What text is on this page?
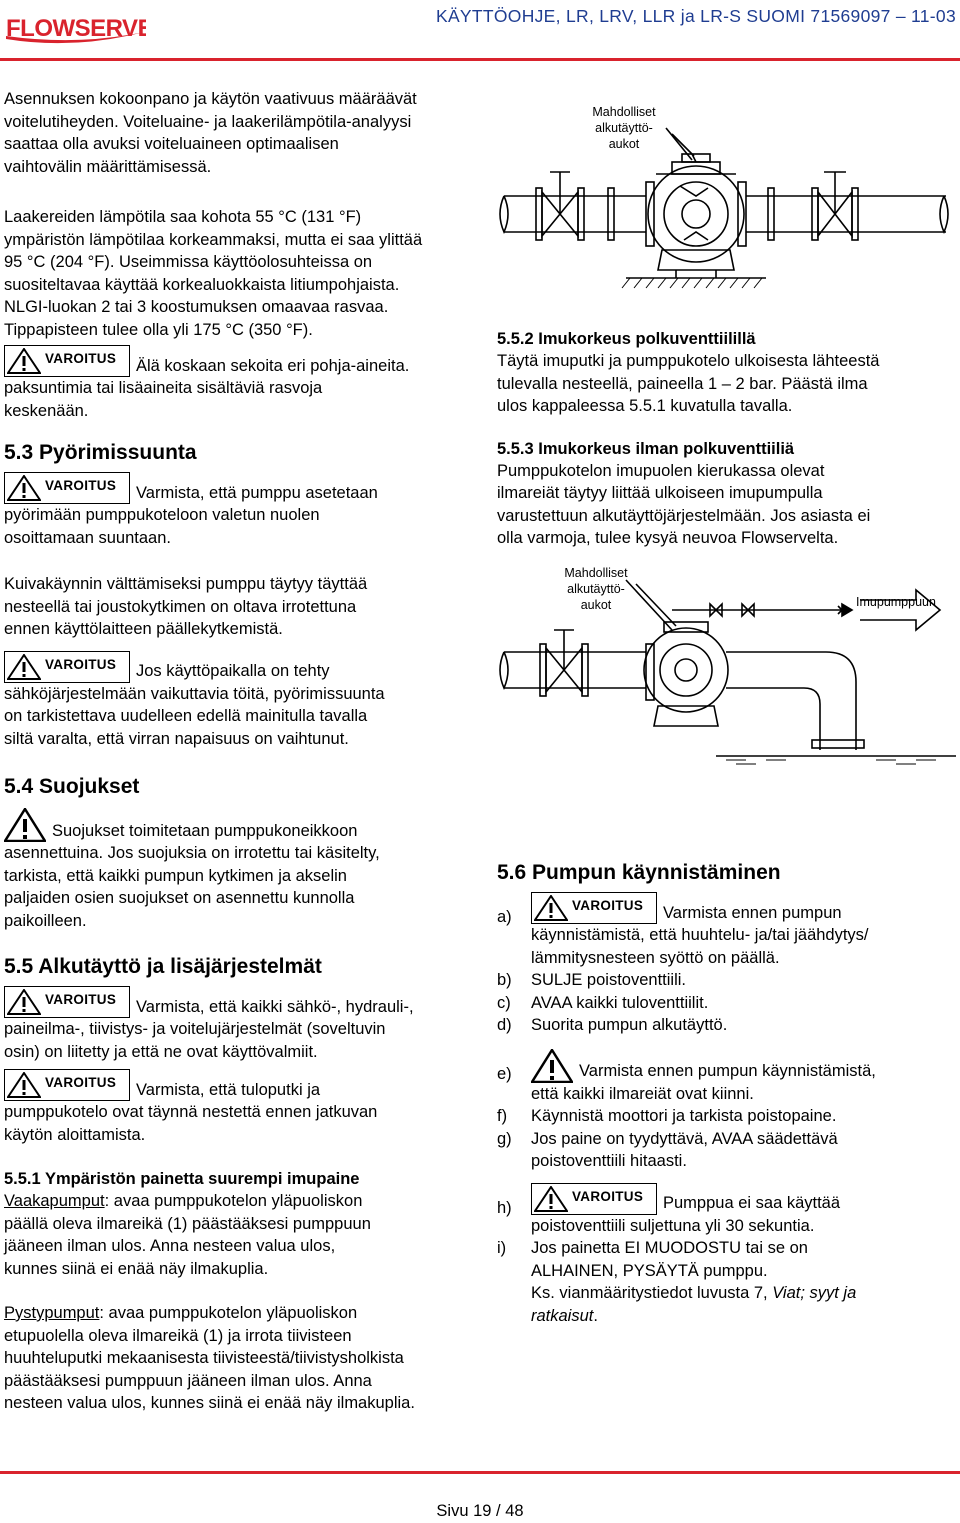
FLOWSERVE	KÄYTTÖOHJE, LR, LRV, LLR ja LR-S SUOMI 71569097 – 11-03

Asennuksen kokoonpano ja käytön vaativuus määräävät

voitelutiheyden. Voiteluaine- ja laakerilämpötila-analyysi

saattaa olla avuksi voiteluaineen optimaalisen

vaihtovälin määrittämisessä.

Laakereiden lämpötila saa kohota 55 °C (131 °F)

ympäristön lämpötilaa korkeammaksi, mutta ei saa ylittää

95 °C (204 °F). Useimmissa käyttöolosuhteissa on

suositeltavaa käyttää korkealuokkaista litiumpohjaista.

NLGI-luokan 2 tai 3 koostumuksen omaavaa rasvaa.

Tippapisteen tulee olla yli 175 °C (350 °F).

VAROITUS Älä koskaan sekoita eri pohja-aineita.

paksuntimia tai lisäaineita sisältäviä rasvoja

keskenään.

5.3 Pyörimissuunta
VAROITUS Varmista, että pumppu asetetaan

pyörimään pumppukoteloon valetun nuolen

osoittamaan suuntaan.

Kuivakäynnin välttämiseksi pumppu täytyy täyttää

nesteellä tai joustokytkimen on oltava irrotettuna

ennen käyttölaitteen päällekytkemistä.

VAROITUS Jos käyttöpaikalla on tehty

sähköjärjestelmään vaikuttavia töitä, pyörimissuunta

on tarkistettava uudelleen edellä mainitulla tavalla

siltä varalta, että virran napaisuus on vaihtunut.

5.4 Suojukset
Suojukset toimitetaan pumppukoneikkoon

asennettuina. Jos suojuksia on irrotettu tai käsitelty,

tarkista, että kaikki pumpun kytkimen ja akselin

paljaiden osien suojukset on asennettu kunnolla

paikoilleen.

5.5 Alkutäyttö ja lisäjärjestelmät
VAROITUS Varmista, että kaikki sähkö-, hydrauli-,

paineilma-, tiivistys- ja voitelujärjestelmät (soveltuvin

osin) on liitetty ja että ne ovat käyttövalmiit.

VAROITUS Varmista, että tuloputki ja

pumppukotelo ovat täynnä nestettä ennen jatkuvan

käytön aloittamista.

5.5.1 Ympäristön painetta suurempi imupaine

Vaakapumput: avaa pumppukotelon yläpuoliskon

päällä oleva ilmareikä (1) päästääksesi pumppuun

jääneen ilman ulos. Anna nesteen valua ulos,

kunnes siinä ei enää näy ilmakuplia.

Pystypumput: avaa pumppukotelon yläpuoliskon

etupuolella oleva ilmareikä (1) ja irrota tiivisteen

huuhteluputki mekaanisesta tiivisteestä/tiivistysholkista

päästääksesi pumppuun jääneen ilman ulos. Anna

nesteen valua ulos, kunnes siinä ei enää näy ilmakuplia.

Mahdolliset
alkutäyttö-
aukot
5.5.2 Imukorkeus polkuventtiilillä

Täytä imuputki ja pumppukotelo ulkoisesta lähteestä

tulevalla nesteellä, paineella 1 – 2 bar. Päästä ilma

ulos kappaleessa 5.5.1 kuvatulla tavalla.

5.5.3 Imukorkeus ilman polkuventtiiliä

Pumppukotelon imupuolen kierukassa olevat

ilmareiät täytyy liittää ulkoiseen imupumpulla

varustettuun alkutäyttöjärjestelmään. Jos asiasta ei

olla varmoja, tulee kysyä neuvoa Flowservelta.

Mahdolliset
alkutäyttö-
aukot	Imupumppuun
5.6 Pumpun käynnistäminen
a)
VAROITUS Varmista ennen pumpun

käynnistämistä, että huuhtelu- ja/tai jäähdytys/

lämmitysnesteen syöttö on päällä.

b)	SULJE poistoventtiili.
c)	AVAA kaikki tuloventtiilit.
d)	Suorita pumpun alkutäyttö.
e)	Varmista ennen pumpun käynnistämistä,

että kaikki ilmareiät ovat kiinni.

f)	Käynnistä moottori ja tarkista poistopaine.
g)	Jos paine on tyydyttävä, AVAA säädettävä

poistoventtiili hitaasti.

h)
VAROITUS Pumppua ei saa käyttää

poistoventtiili suljettuna yli 30 sekuntia.

i)	Jos painetta EI MUODOSTU tai se on

ALHAINEN, PYSÄYTÄ pumppu.

Ks. vianmääritystiedot luvusta 7, Viat; syyt ja

ratkaisut.

Sivu 19 / 48
